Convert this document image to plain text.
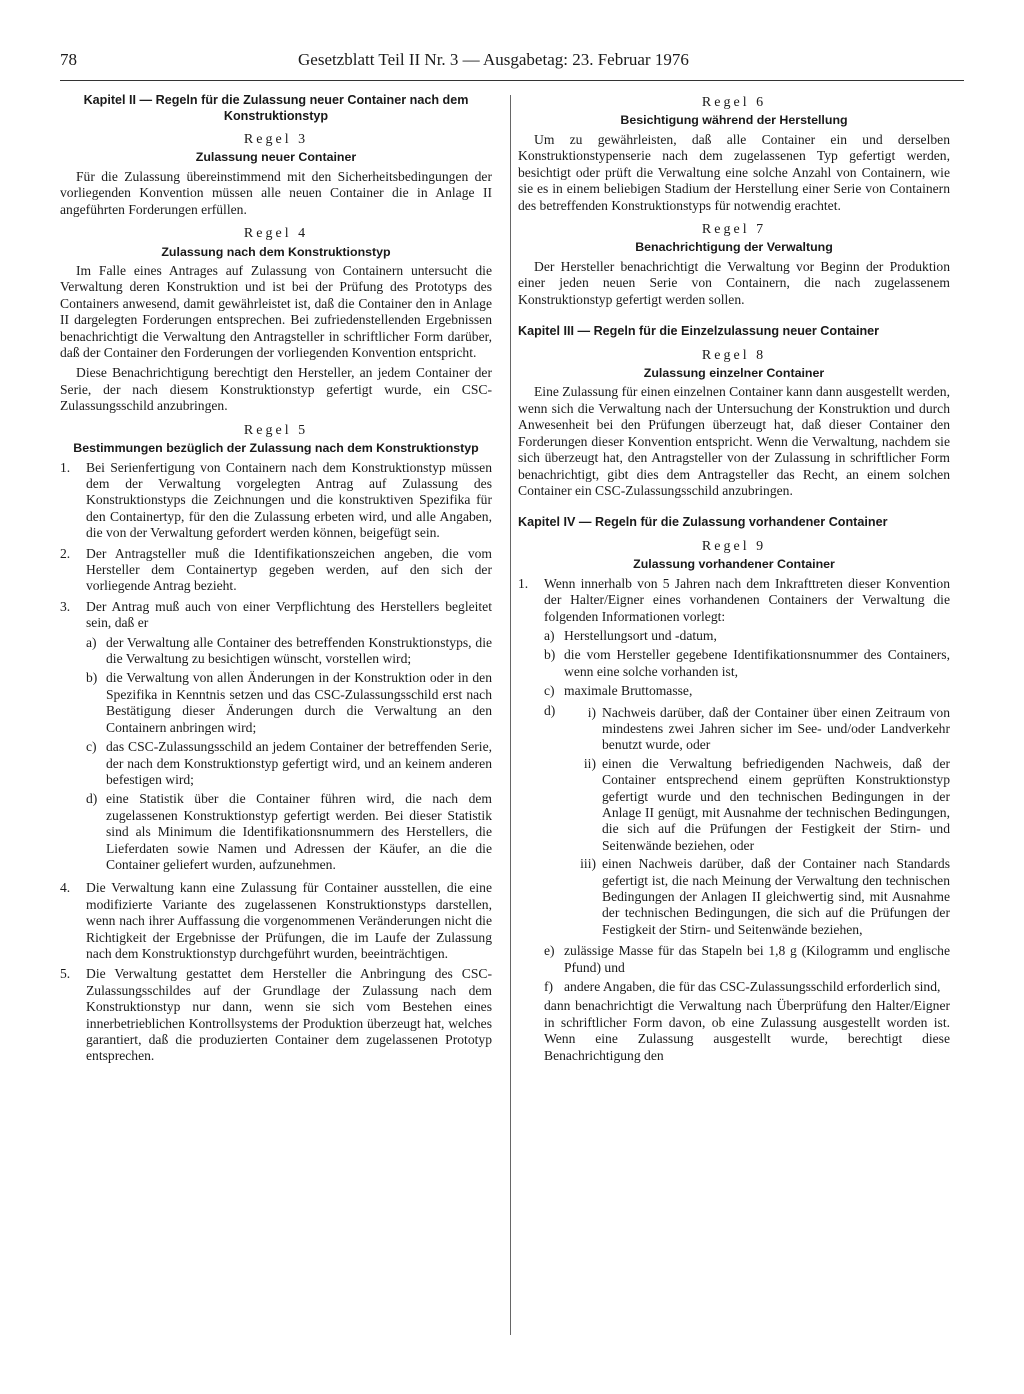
78	Gesetzblatt Teil II Nr. 3 — Ausgabetag: 23. Februar 1976
Kapitel II — Regeln für die Zulassung neuer Container nach dem Konstruktionstyp
Regel 3
Zulassung neuer Container

Für die Zulassung übereinstimmend mit den Sicherheitsbedingungen der vorliegenden Konvention müssen alle neuen Container die in Anlage II angeführten Forderungen erfüllen.

Regel 4
Zulassung nach dem Konstruktionstyp

Im Falle eines Antrages auf Zulassung von Containern untersucht die Verwaltung deren Konstruktion und ist bei der Prüfung des Prototyps des Containers anwesend, damit gewährleistet ist, daß die Container den in Anlage II dargelegten Forderungen entsprechen. Bei zufriedenstellenden Ergebnissen benachrichtigt die Verwaltung den Antragsteller in schriftlicher Form darüber, daß der Container den Forderungen der vorliegenden Konvention entspricht.

Diese Benachrichtigung berechtigt den Hersteller, an jedem Container der Serie, der nach diesem Konstruktionstyp gefertigt wurde, ein CSC-Zulassungsschild anzubringen.

Regel 5
Bestimmungen bezüglich der Zulassung nach dem Konstruktionstyp
1.	Bei Serienfertigung von Containern nach dem Konstruktionstyp müssen dem der Verwaltung vorgelegten Antrag auf Zulassung des Konstruktionstyps die Zeichnungen und die konstruktiven Spezifika für den Containertyp, für den die Zulassung erbeten wird, und alle Angaben, die von der Verwaltung gefordert werden können, beigefügt sein.
2.	Der Antragsteller muß die Identifikationszeichen angeben, die vom Hersteller dem Containertyp gegeben werden, auf den sich der vorliegende Antrag bezieht.
3.	Der Antrag muß auch von einer Verpflichtung des Herstellers begleitet sein, daß er
a) der Verwaltung alle Container des betreffenden Konstruktionstyps, die die Verwaltung zu besichtigen wünscht, vorstellen wird;
b) die Verwaltung von allen Änderungen in der Konstruktion oder in den Spezifika in Kenntnis setzen und das CSC-Zulassungsschild erst nach Bestätigung dieser Änderungen durch die Verwaltung an den Containern anbringen wird;
c) das CSC-Zulassungsschild an jedem Container der betreffenden Serie, der nach dem Konstruktionstyp gefertigt wird, und an keinem anderen befestigen wird;
d) eine Statistik über die Container führen wird, die nach dem zugelassenen Konstruktionstyp gefertigt werden. Bei dieser Statistik sind als Minimum die Identifikationsnummern des Herstellers, die Lieferdaten sowie Namen und Adressen der Käufer, an die die Container geliefert wurden, aufzunehmen.
4.	Die Verwaltung kann eine Zulassung für Container ausstellen, die eine modifizierte Variante des zugelassenen Konstruktionstyps darstellen, wenn nach ihrer Auffassung die vorgenommenen Veränderungen nicht die Richtigkeit der Ergebnisse der Prüfungen, die im Laufe der Zulassung nach dem Konstruktionstyp durchgeführt wurden, beeinträchtigen.
5.	Die Verwaltung gestattet dem Hersteller die Anbringung des CSC-Zulassungsschildes auf der Grundlage der Zulassung nach dem Konstruktionstyp nur dann, wenn sie sich vom Bestehen eines innerbetrieblichen Kontrollsystems der Produktion überzeugt hat, welches garantiert, daß die produzierten Container dem zugelassenen Prototyp entsprechen.
Regel 6
Besichtigung während der Herstellung

Um zu gewährleisten, daß alle Container ein und derselben Konstruktionstypenserie nach dem zugelassenen Typ gefertigt werden, besichtigt oder prüft die Verwaltung eine solche Anzahl von Containern, wie sie es in einem beliebigen Stadium der Herstellung einer Serie von Containern des betreffenden Konstruktionstyps für notwendig erachtet.

Regel 7
Benachrichtigung der Verwaltung

Der Hersteller benachrichtigt die Verwaltung vor Beginn der Produktion einer jeden neuen Serie von Containern, die nach zugelassenem Konstruktionstyp gefertigt werden sollen.

Kapitel III — Regeln für die Einzelzulassung neuer Container
Regel 8
Zulassung einzelner Container

Eine Zulassung für einen einzelnen Container kann dann ausgestellt werden, wenn sich die Verwaltung nach der Untersuchung der Konstruktion und durch Anwesenheit bei den Prüfungen überzeugt hat, daß dieser Container den Forderungen dieser Konvention entspricht. Wenn die Verwaltung, nachdem sie sich überzeugt hat, den Antragsteller von der Zulassung in schriftlicher Form benachrichtigt, gibt dies dem Antragsteller das Recht, an einem solchen Container ein CSC-Zulassungsschild anzubringen.

Kapitel IV — Regeln für die Zulassung vorhandener Container
Regel 9
Zulassung vorhandener Container
1.	Wenn innerhalb von 5 Jahren nach dem Inkrafttreten dieser Konvention der Halter/Eigner eines vorhandenen Containers der Verwaltung die folgenden Informationen vorlegt:
a) Herstellungsort und -datum,
b) die vom Hersteller gegebene Identifikationsnummer des Containers, wenn eine solche vorhanden ist,
c) maximale Bruttomasse,
d)	i) Nachweis darüber, daß der Container über einen Zeitraum von mindestens zwei Jahren sicher im See- und/oder Landverkehr benutzt wurde, oder
ii) einen die Verwaltung befriedigenden Nachweis, daß der Container entsprechend einem geprüften Konstruktionstyp gefertigt wurde und den technischen Bedingungen in der Anlage II genügt, mit Ausnahme der technischen Bedingungen, die sich auf die Prüfungen der Festigkeit der Stirn- und Seitenwände beziehen, oder
iii) einen Nachweis darüber, daß der Container nach Standards gefertigt ist, die nach Meinung der Verwaltung den technischen Bedingungen der Anlagen II gleichwertig sind, mit Ausnahme der technischen Bedingungen, die sich auf die Prüfungen der Festigkeit der Stirn- und Seitenwände beziehen,
e) zulässige Masse für das Stapeln bei 1,8 g (Kilogramm und englische Pfund) und
f) andere Angaben, die für das CSC-Zulassungsschild erforderlich sind,
dann benachrichtigt die Verwaltung nach Überprüfung den Halter/Eigner in schriftlicher Form davon, ob eine Zulassung ausgestellt worden ist. Wenn eine Zulassung ausgestellt wurde, berechtigt diese Benachrichtigung den
